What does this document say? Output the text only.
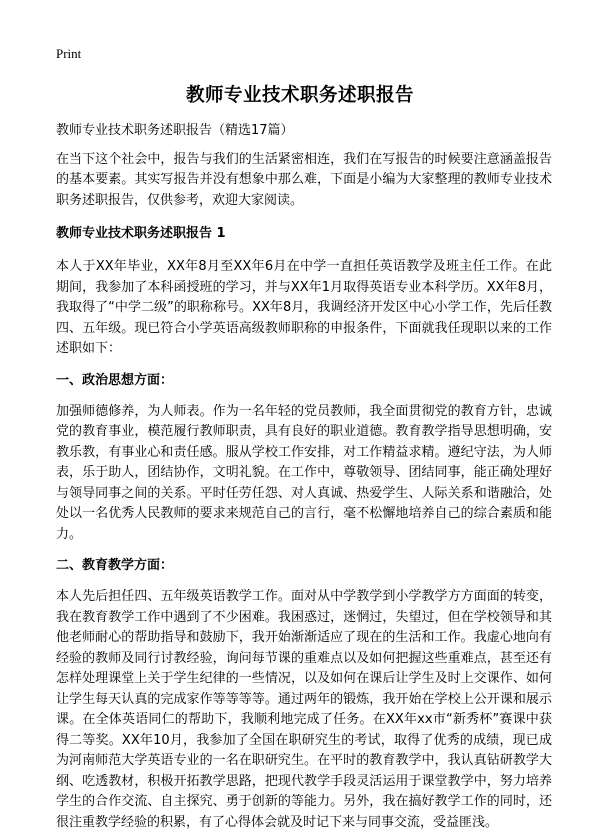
Print
教师专业技术职务述职报告

教师专业技术职务述职报告（精选17篇）

在当下这个社会中，报告与我们的生活紧密相连，我们在写报告的时候要注意涵盖报告的基本要素。其实写报告并没有想象中那么难，下面是小编为大家整理的教师专业技术职务述职报告，仅供参考，欢迎大家阅读。

教师专业技术职务述职报告 1

本人于XX年毕业，XX年8月至XX年6月在中学一直担任英语教学及班主任工作。在此期间，我参加了本科函授班的学习，并与XX年1月取得英语专业本科学历。XX年8月，我取得了“中学二级”的职称称号。XX年8月，我调经济开发区中心小学工作，先后任教四、五年级。现已符合小学英语高级教师职称的申报条件，下面就我任现职以来的工作述职如下：

一、政治思想方面：

加强师德修养，为人师表。作为一名年轻的党员教师，我全面贯彻党的教育方针，忠诚党的教育事业，模范履行教师职责，具有良好的职业道德。教育教学指导思想明确，安教乐教，有事业心和责任感。服从学校工作安排，对工作精益求精。遵纪守法，为人师表，乐于助人，团结协作，文明礼貌。在工作中，尊敬领导、团结同事，能正确处理好与领导同事之间的关系。平时任劳任怨、对人真诚、热爱学生、人际关系和谐融洽，处处以一名优秀人民教师的要求来规范自己的言行，毫不松懈地培养自己的综合素质和能力。

二、教育教学方面：

本人先后担任四、五年级英语教学工作。面对从中学教学到小学教学方方面面的转变，我在教育教学工作中遇到了不少困难。我困惑过，迷惘过，失望过，但在学校领导和其他老师耐心的帮助指导和鼓励下，我开始渐渐适应了现在的生活和工作。我虚心地向有经验的教师及同行讨教经验，询问每节课的重难点以及如何把握这些重难点，甚至还有怎样处理课堂上关于学生纪律的一些情况，以及如何在课后让学生及时上交课作、如何让学生每天认真的完成家作等等等等。通过两年的锻炼，我开始在学校上公开课和展示课。在全体英语同仁的帮助下，我顺利地完成了任务。在XX年xx市“新秀杯”赛课中获得二等奖。XX年10月，我参加了全国在职研究生的考试，取得了优秀的成绩，现已成为河南师范大学英语专业的一名在职研究生。在平时的教育教学中，我认真钻研教学大纲、吃透教材，积极开拓教学思路，把现代教学手段灵活运用于课堂教学中，努力培养学生的合作交流、自主探究、勇于创新的等能力。另外，我在搞好教学工作的同时，还很注重教学经验的积累，有了心得体会就及时记下来与同事交流，受益匪浅。
